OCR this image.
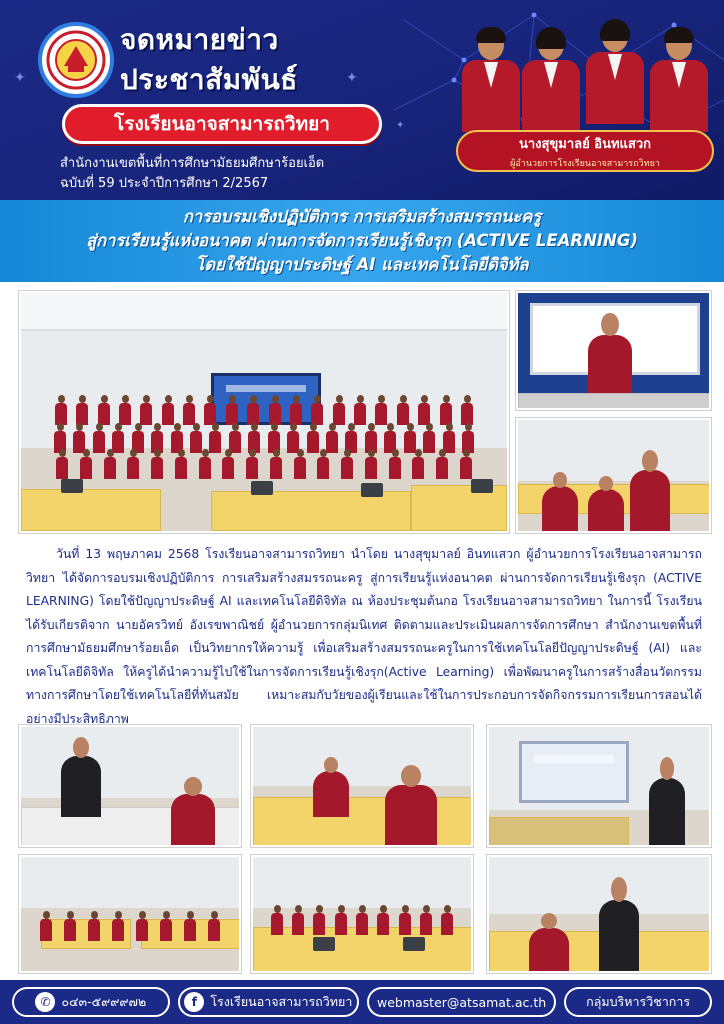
✦	✦
✦
จดหมายข่าว
ประชาสัมพันธ์
โรงเรียนอาจสามารถวิทยา
สำนักงานเขตพื้นที่การศึกษามัธยมศึกษาร้อยเอ็ด
ฉบับที่ 59 ประจำปีการศึกษา 2/2567
นางสุขุมาลย์ อินทแสวก
ผู้อำนวยการโรงเรียนอาจสามารถวิทยา
การอบรมเชิงปฏิบัติการ การเสริมสร้างสมรรถนะครู
สู่การเรียนรู้แห่งอนาคต ผ่านการจัดการเรียนรู้เชิงรุก (ACTIVE LEARNING)
โดยใช้ปัญญาประดิษฐ์ AI และเทคโนโลยีดิจิทัล
วันที่ 13 พฤษภาคม 2568 โรงเรียนอาจสามารถวิทยา นำโดย นางสุขุมาลย์ อินทแสวก ผู้อำนวยการโรงเรียนอาจสามารถวิทยา ได้จัดการอบรมเชิงปฏิบัติการ การเสริมสร้างสมรรถนะครู สู่การเรียนรู้แห่งอนาคต ผ่านการจัดการเรียนรู้เชิงรุก (ACTIVE LEARNING) โดยใช้ปัญญาประดิษฐ์ AI และเทคโนโลยีดิจิทัล ณ ห้องประชุมต้นกอ โรงเรียนอาจสามารถวิทยา ในการนี้ โรงเรียนได้รับเกียรติจาก นายอัครวิทย์ อังเรขพาณิชย์ ผู้อำนวยการกลุ่มนิเทศ ติดตามและประเมินผลการจัดการศึกษา สำนักงานเขตพื้นที่การศึกษามัธยมศึกษาร้อยเอ็ด เป็นวิทยากรให้ความรู้ เพื่อเสริมสร้างสมรรถนะครูในการใช้เทคโนโลยีปัญญาประดิษฐ์ (AI) และ เทคโนโลยีดิจิทัล ให้ครูได้นำความรู้ไปใช้ในการจัดการเรียนรู้เชิงรุก(Active Learning) เพื่อพัฒนาครูในการสร้างสื่อนวัตกรรมทางการศึกษาโดยใช้เทคโนโลยีที่ทันสมัย เหมาะสมกับวัยของผู้เรียนและใช้ในการประกอบการจัดกิจกรรมการเรียนการสอนได้อย่างมีประสิทธิภาพ
✆ ๐๔๓-๕๙๙๙๗๒	f	โรงเรียนอาจสามารถวิทยา webmaster@atsamat.ac.th	กลุ่มบริหารวิชาการ
